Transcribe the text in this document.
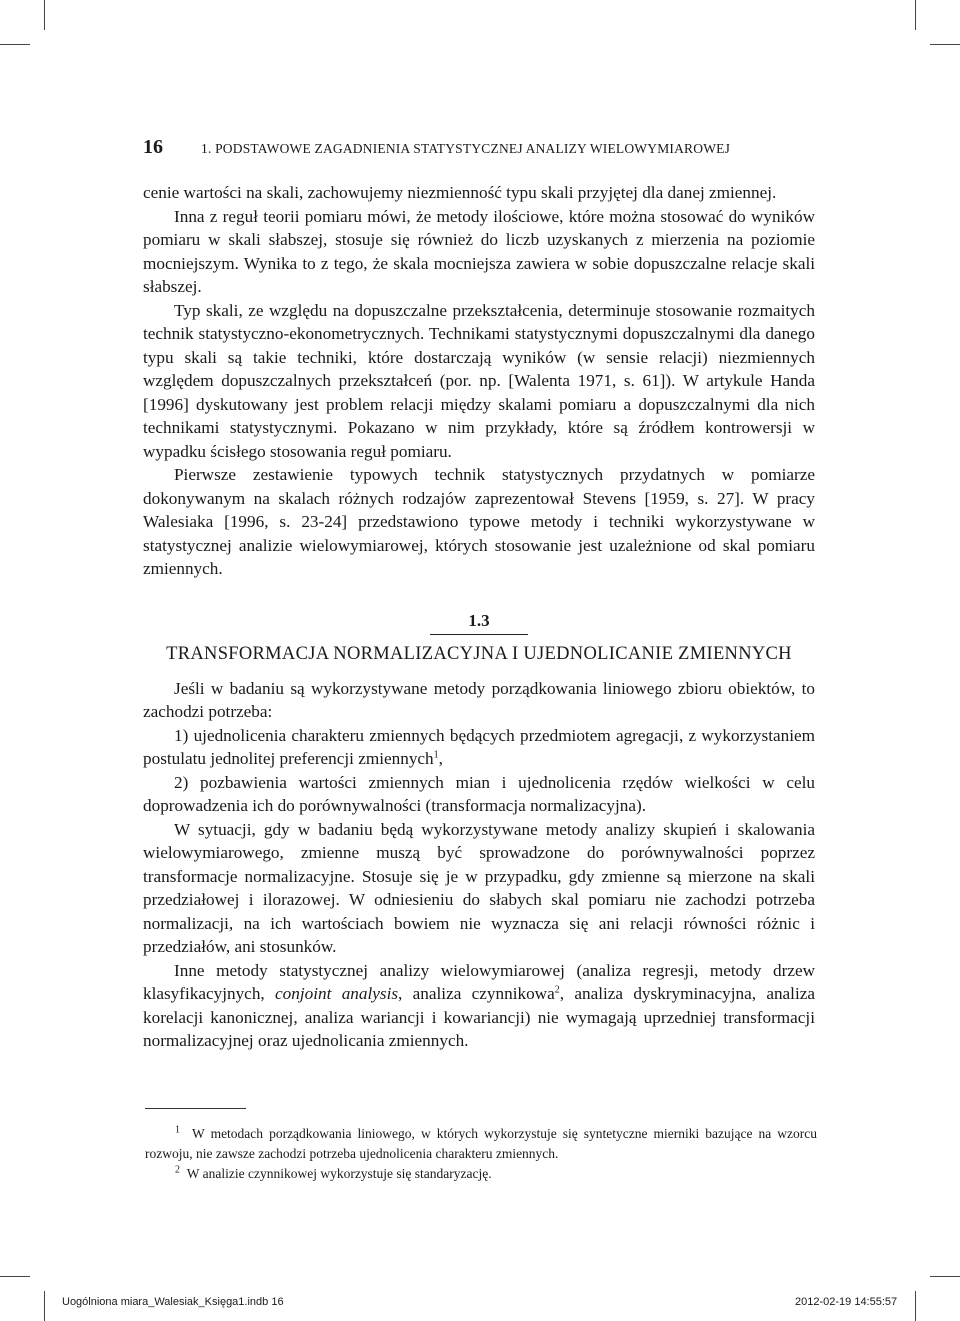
16	1. PODSTAWOWE ZAGADNIENIA STATYSTYCZNEJ ANALIZY WIELOWYMIAROWEJ

cenie wartości na skali, zachowujemy niezmienność typu skali przyjętej dla danej zmiennej.

Inna z reguł teorii pomiaru mówi, że metody ilościowe, które można stosować do wyników pomiaru w skali słabszej, stosuje się również do liczb uzyskanych z mierzenia na poziomie mocniejszym. Wynika to z tego, że skala mocniejsza zawiera w sobie dopuszczalne relacje skali słabszej.

Typ skali, ze względu na dopuszczalne przekształcenia, determinuje stosowanie rozmaitych technik statystyczno-ekonometrycznych. Technikami statystycznymi dopuszczalnymi dla danego typu skali są takie techniki, które dostarczają wyników (w sensie relacji) niezmiennych względem dopuszczalnych przekształceń (por. np. [Walenta 1971, s. 61]). W artykule Handa [1996] dyskutowany jest problem relacji między skalami pomiaru a dopuszczalnymi dla nich technikami statystycznymi. Pokazano w nim przykłady, które są źródłem kontrowersji w wypadku ścisłego stosowania reguł pomiaru.

Pierwsze zestawienie typowych technik statystycznych przydatnych w pomiarze dokonywanym na skalach różnych rodzajów zaprezentował Stevens [1959, s. 27]. W pracy Walesiaka [1996, s. 23-24] przedstawiono typowe metody i techniki wykorzystywane w statystycznej analizie wielowymiarowej, których stosowanie jest uzależnione od skal pomiaru zmiennych.

1.3
TRANSFORMACJA NORMALIZACYJNA I UJEDNOLICANIE ZMIENNYCH

Jeśli w badaniu są wykorzystywane metody porządkowania liniowego zbioru obiektów, to zachodzi potrzeba:

1) ujednolicenia charakteru zmiennych będących przedmiotem agregacji, z wykorzystaniem postulatu jednolitej preferencji zmiennych$^1$,

2) pozbawienia wartości zmiennych mian i ujednolicenia rzędów wielkości w celu doprowadzenia ich do porównywalności (transformacja normalizacyjna).

W sytuacji, gdy w badaniu będą wykorzystywane metody analizy skupień i skalowania wielowymiarowego, zmienne muszą być sprowadzone do porównywalności poprzez transformacje normalizacyjne. Stosuje się je w przypadku, gdy zmienne są mierzone na skali przedziałowej i ilorazowej. W odniesieniu do słabych skal pomiaru nie zachodzi potrzeba normalizacji, na ich wartościach bowiem nie wyznacza się ani relacji równości różnic i przedziałów, ani stosunków.

Inne metody statystycznej analizy wielowymiarowej (analiza regresji, metody drzew klasyfikacyjnych, conjoint analysis, analiza czynnikowa$^2$, analiza dyskryminacyjna, analiza korelacji kanonicznej, analiza wariancji i kowariancji) nie wymagają uprzedniej transformacji normalizacyjnej oraz ujednolicania zmiennych.

$^1$ W metodach porządkowania liniowego, w których wykorzystuje się syntetyczne mierniki bazujące na wzorcu rozwoju, nie zawsze zachodzi potrzeba ujednolicenia charakteru zmiennych.

$^2$ W analizie czynnikowej wykorzystuje się standaryzację.

Uogólniona miara_Walesiak_Księga1.indb 16	2012-02-19 14:55:57
